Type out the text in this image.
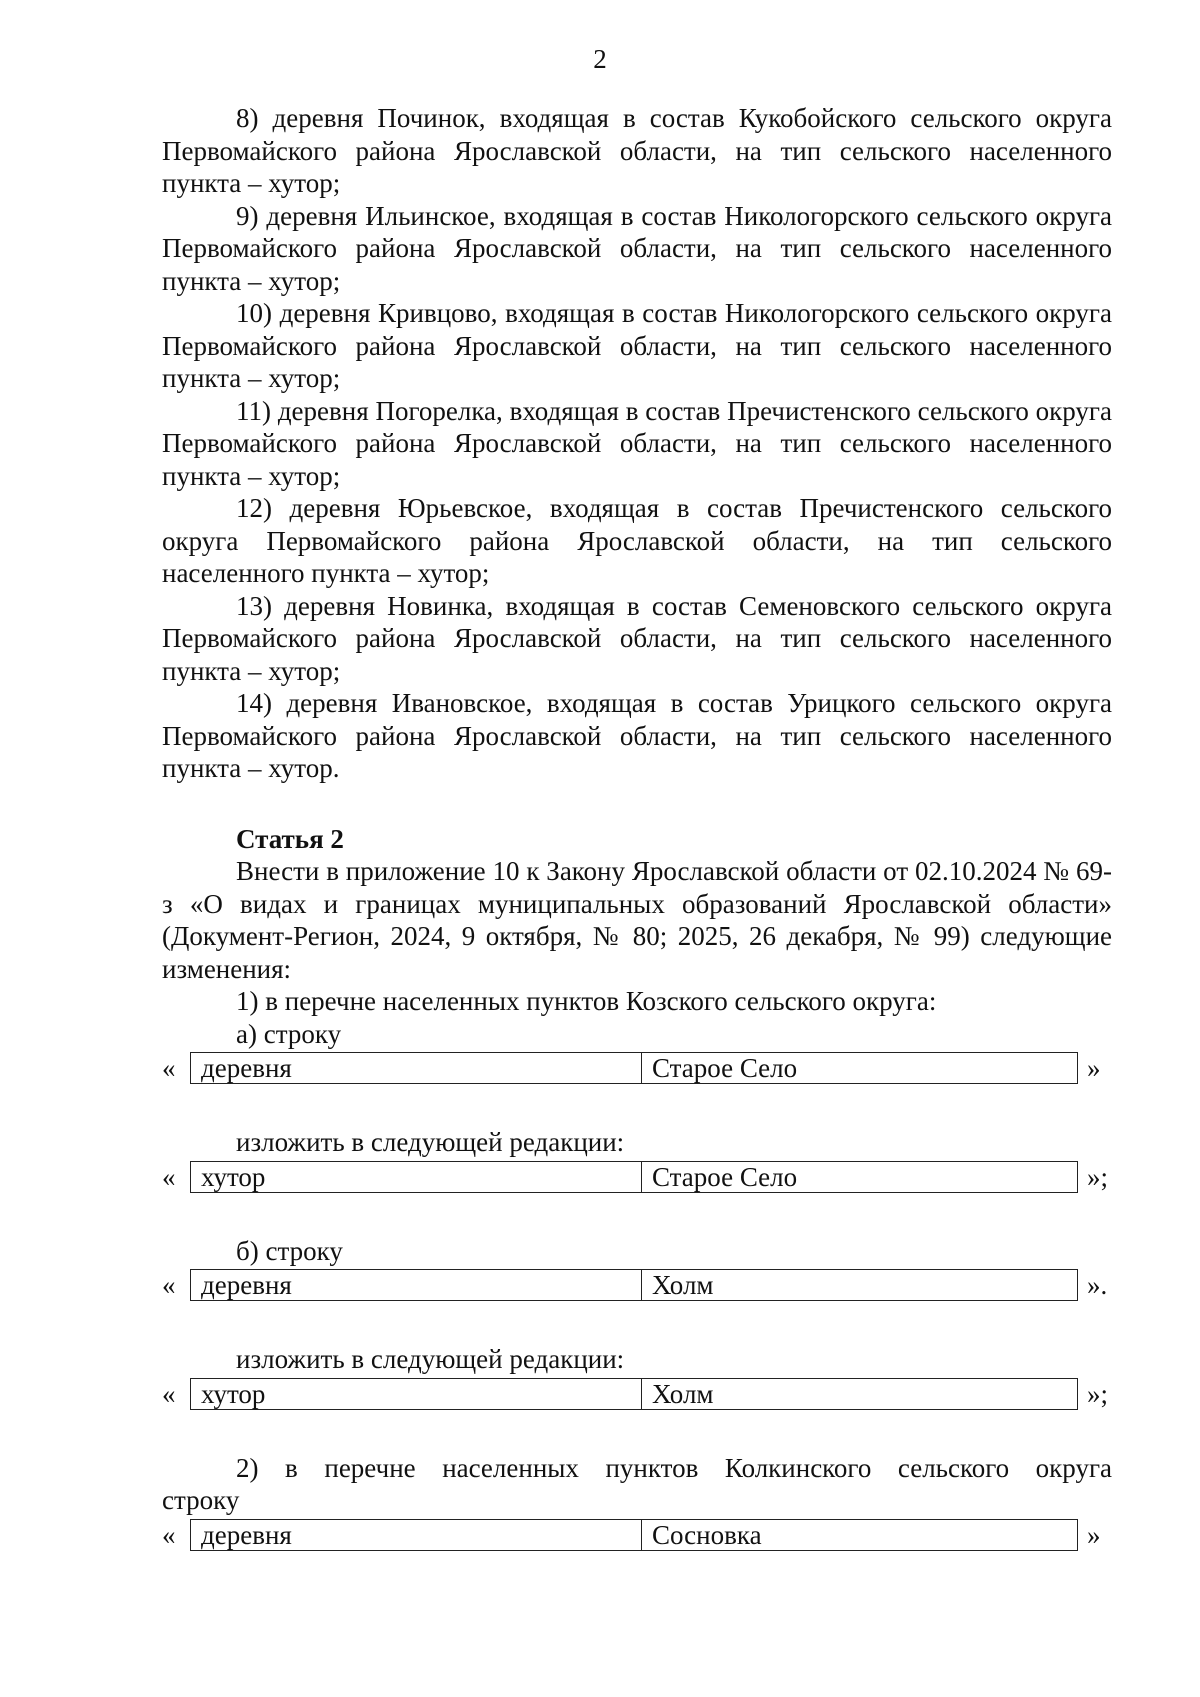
2

8) деревня Починок, входящая в состав Кукобойского сельского округа Первомайского района Ярославской области, на тип сельского населенного пункта – хутор;

9) деревня Ильинское, входящая в состав Никологорского сельского округа Первомайского района Ярославской области, на тип сельского населенного пункта – хутор;

10) деревня Кривцово, входящая в состав Никологорского сельского округа Первомайского района Ярославской области, на тип сельского населенного пункта – хутор;

11) деревня Погорелка, входящая в состав Пречистенского сельского округа Первомайского района Ярославской области, на тип сельского населенного пункта – хутор;

12) деревня Юрьевское, входящая в состав Пречистенского сельского округа Первомайского района Ярославской области, на тип сельского населенного пункта – хутор;

13) деревня Новинка, входящая в состав Семеновского сельского округа Первомайского района Ярославской области, на тип сельского населенного пункта – хутор;

14) деревня Ивановское, входящая в состав Урицкого сельского округа Первомайского района Ярославской области, на тип сельского населенного пункта – хутор.

Статья 2

Внести в приложение 10 к Закону Ярославской области от 02.10.2024 № 69-з «О видах и границах муниципальных образований Ярославской области» (Документ-Регион, 2024, 9 октября, № 80; 2025, 26 декабря, № 99) следующие изменения:

1) в перечне населенных пунктов Козского сельского округа:

а) строку

« деревня	Старое Село	»

изложить в следующей редакции:

« хутор	Старое Село	»;

б) строку

« деревня	Холм	».

изложить в следующей редакции:

« хутор	Холм	»;

2) в перечне населенных пунктов Колкинского сельского округа

строку

« деревня	Сосновка	»
